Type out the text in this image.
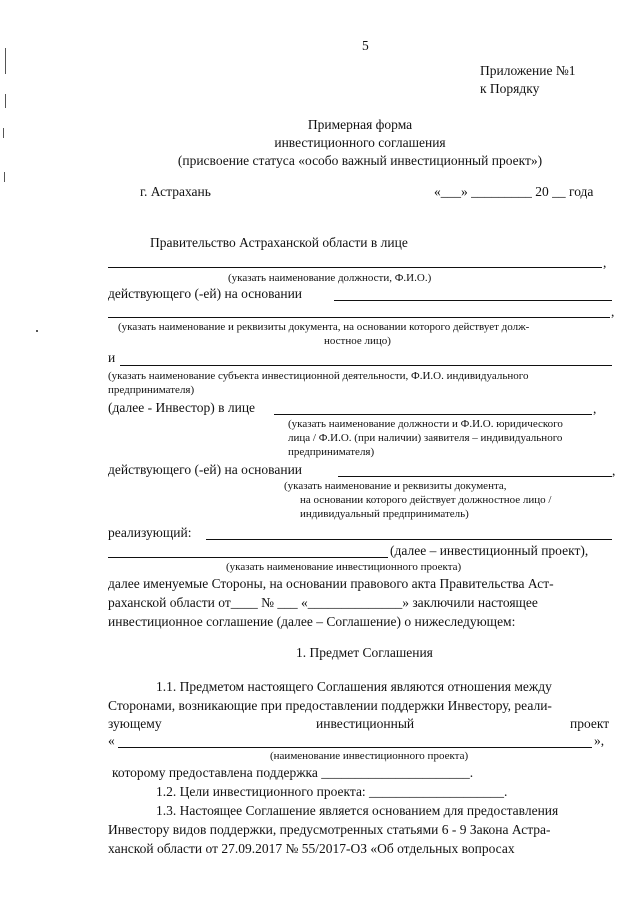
5
Приложение №1
к Порядку
Примерная форма
инвестиционного соглашения
(присвоение статуса «особо важный инвестиционный проект»)
г. Астрахань	«___» _________ 20 __ года
Правительство Астраханской области в лице
,
(указать наименование должности, Ф.И.О.)
действующего (-ей) на основании
,
(указать наименование и реквизиты документа, на основании которого действует долж-
ностное лицо)
и
(указать наименование субъекта инвестиционной деятельности, Ф.И.О. индивидуального
предпринимателя)
(далее - Инвестор) в лице	,
(указать наименование должности и Ф.И.О. юридического
лица / Ф.И.О. (при наличии) заявителя – индивидуального
предпринимателя)
действующего (-ей) на основании	,
(указать наименование и реквизиты документа,
на основании которого действует должностное лицо /
индивидуальный предприниматель)
реализующий:
(далее – инвестиционный проект),
(указать наименование инвестиционного проекта)
далее именуемые Стороны, на основании правового акта Правительства Аст-
раханской области от____ № ___ «______________» заключили настоящее
инвестиционное соглашение (далее – Соглашение) о нижеследующем:
1. Предмет Соглашения
1.1. Предметом настоящего Соглашения являются отношения между
Сторонами, возникающие при предоставлении поддержки Инвестору, реали-
зующему	инвестиционный	проект
«	»,
(наименование инвестиционного проекта)
которому предоставлена поддержка ______________________.
1.2. Цели инвестиционного проекта: ____________________.
1.3. Настоящее Соглашение является основанием для предоставления
Инвестору видов поддержки, предусмотренных статьями 6 - 9 Закона Астра-
ханской области от 27.09.2017 № 55/2017-ОЗ «Об отдельных вопросах
